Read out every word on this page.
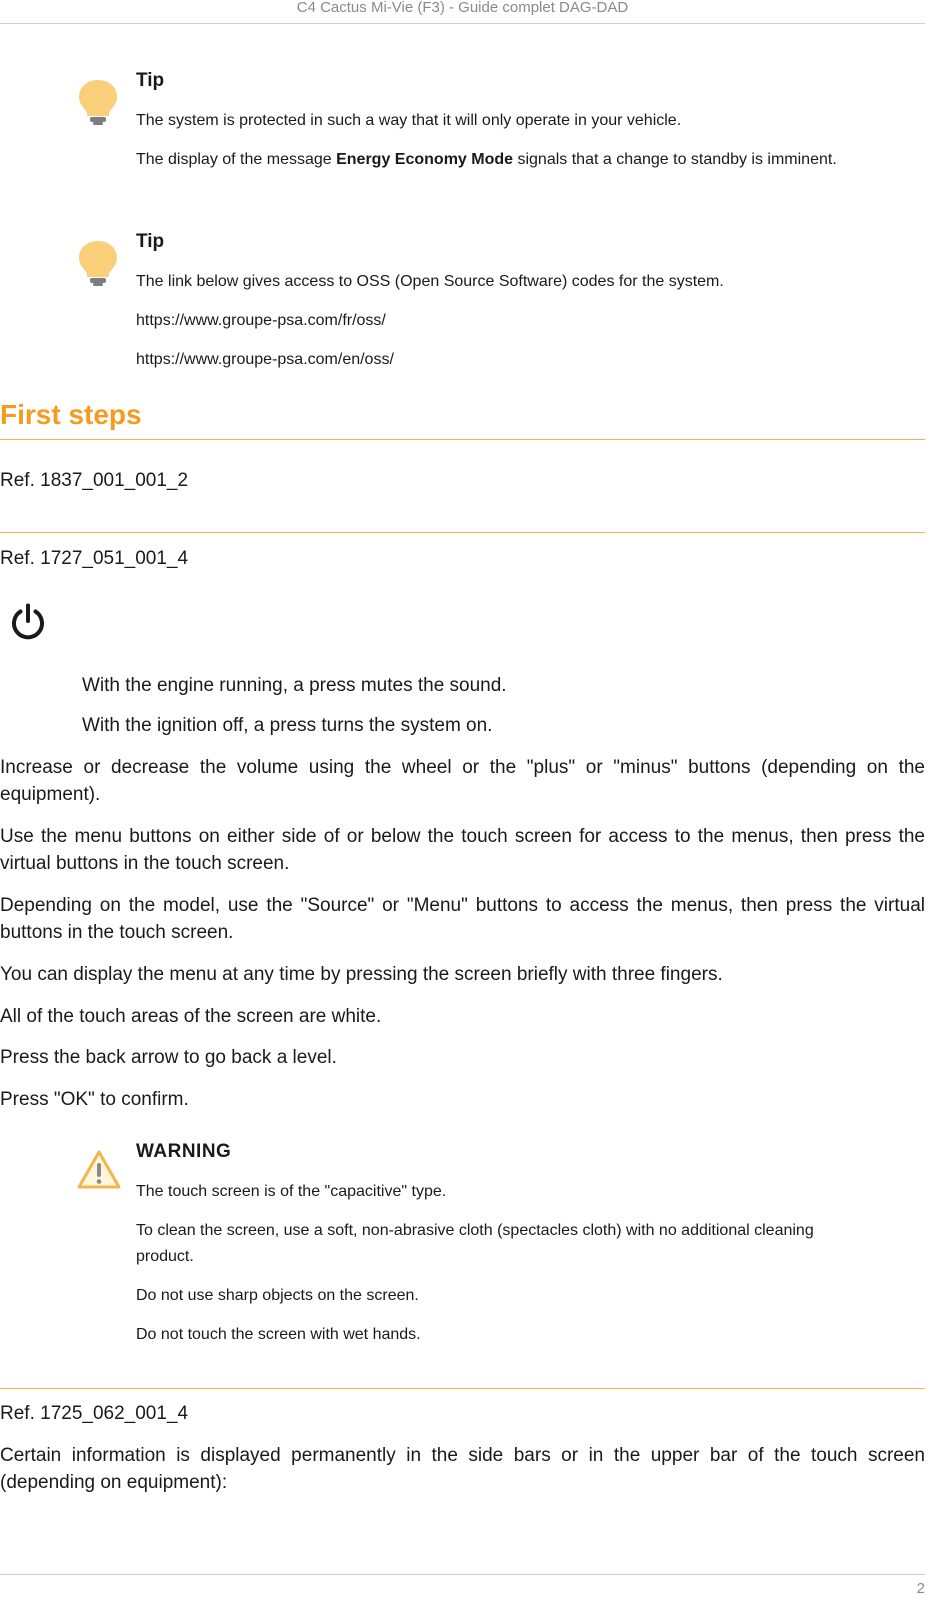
C4 Cactus Mi-Vie (F3) - Guide complet DAG-DAD
Tip

The system is protected in such a way that it will only operate in your vehicle.

The display of the message Energy Economy Mode signals that a change to standby is imminent.

Tip

The link below gives access to OSS (Open Source Software) codes for the system.

https://www.groupe-psa.com/fr/oss/

https://www.groupe-psa.com/en/oss/

First steps

Ref. 1837_001_001_2

Ref. 1727_051_001_4

With the engine running, a press mutes the sound.

With the ignition off, a press turns the system on.

Increase or decrease the volume using the wheel or the "plus" or "minus" buttons (depending on the equipment).

Use the menu buttons on either side of or below the touch screen for access to the menus, then press the virtual buttons in the touch screen.

Depending on the model, use the "Source" or "Menu" buttons to access the menus, then press the virtual buttons in the touch screen.

You can display the menu at any time by pressing the screen briefly with three fingers.

All of the touch areas of the screen are white.

Press the back arrow to go back a level.

Press "OK" to confirm.

WARNING

The touch screen is of the "capacitive" type.

To clean the screen, use a soft, non-abrasive cloth (spectacles cloth) with no additional cleaning product.

Do not use sharp objects on the screen.

Do not touch the screen with wet hands.

Ref. 1725_062_001_4

Certain information is displayed permanently in the side bars or in the upper bar of the touch screen (depending on equipment):

2
